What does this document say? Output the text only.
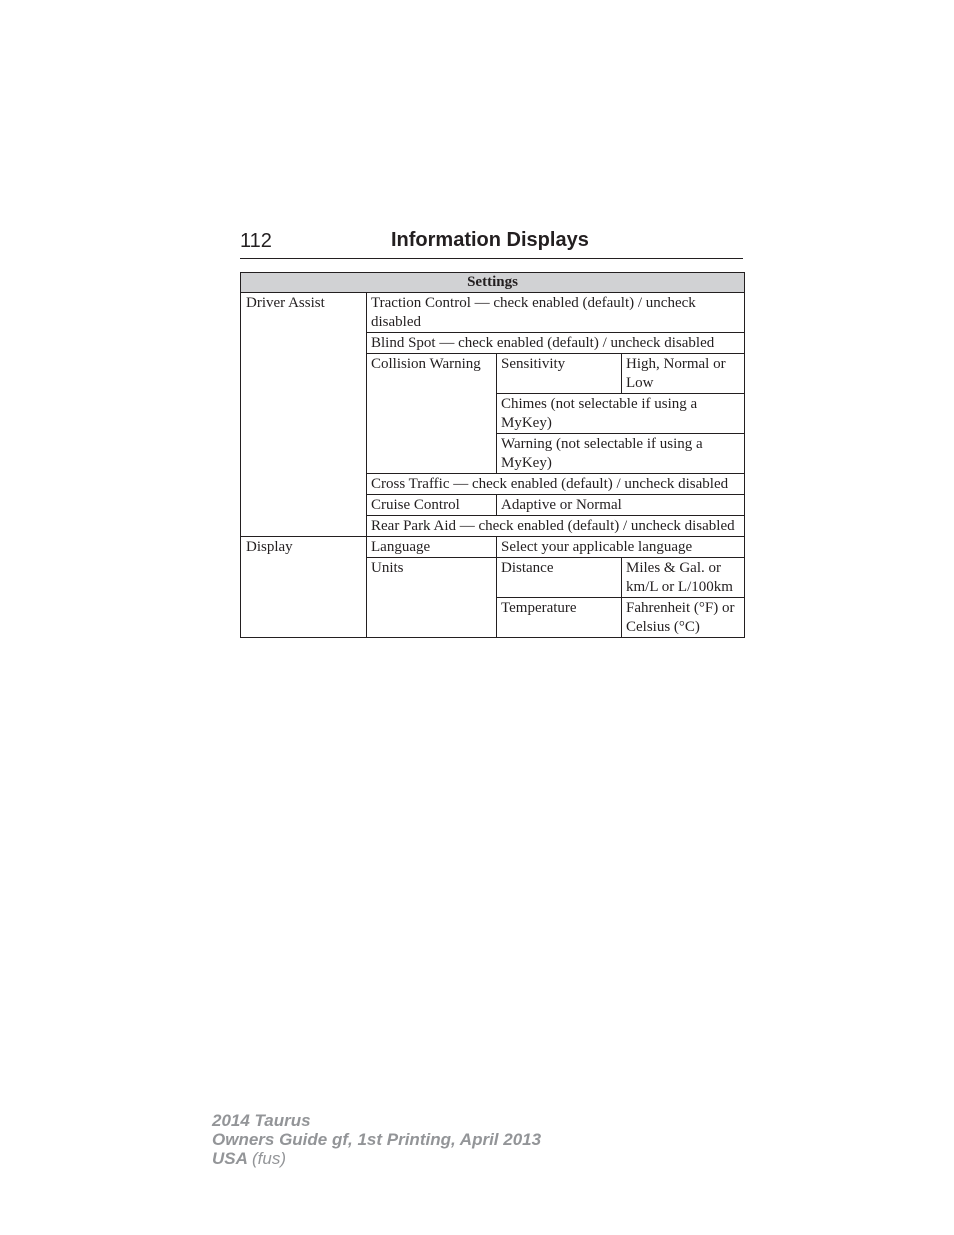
112	Information Displays
Settings			
Driver Assist	Traction Control — check enabled (default) / uncheck disabled		
	Blind Spot — check enabled (default) / uncheck disabled		
	Collision Warning	Sensitivity	High, Normal or Low
		Chimes (not selectable if using a MyKey)	
		Warning (not selectable if using a MyKey)	
	Cross Traffic — check enabled (default) / uncheck disabled		
	Cruise Control	Adaptive or Normal	
	Rear Park Aid — check enabled (default) / uncheck disabled		
Display	Language	Select your applicable language	
	Units	Distance	Miles & Gal. or km/L or L/100km
		Temperature	Fahrenheit (°F) or Celsius (°C)
2014 Taurus
Owners Guide gf, 1st Printing, April 2013
USA (fus)
